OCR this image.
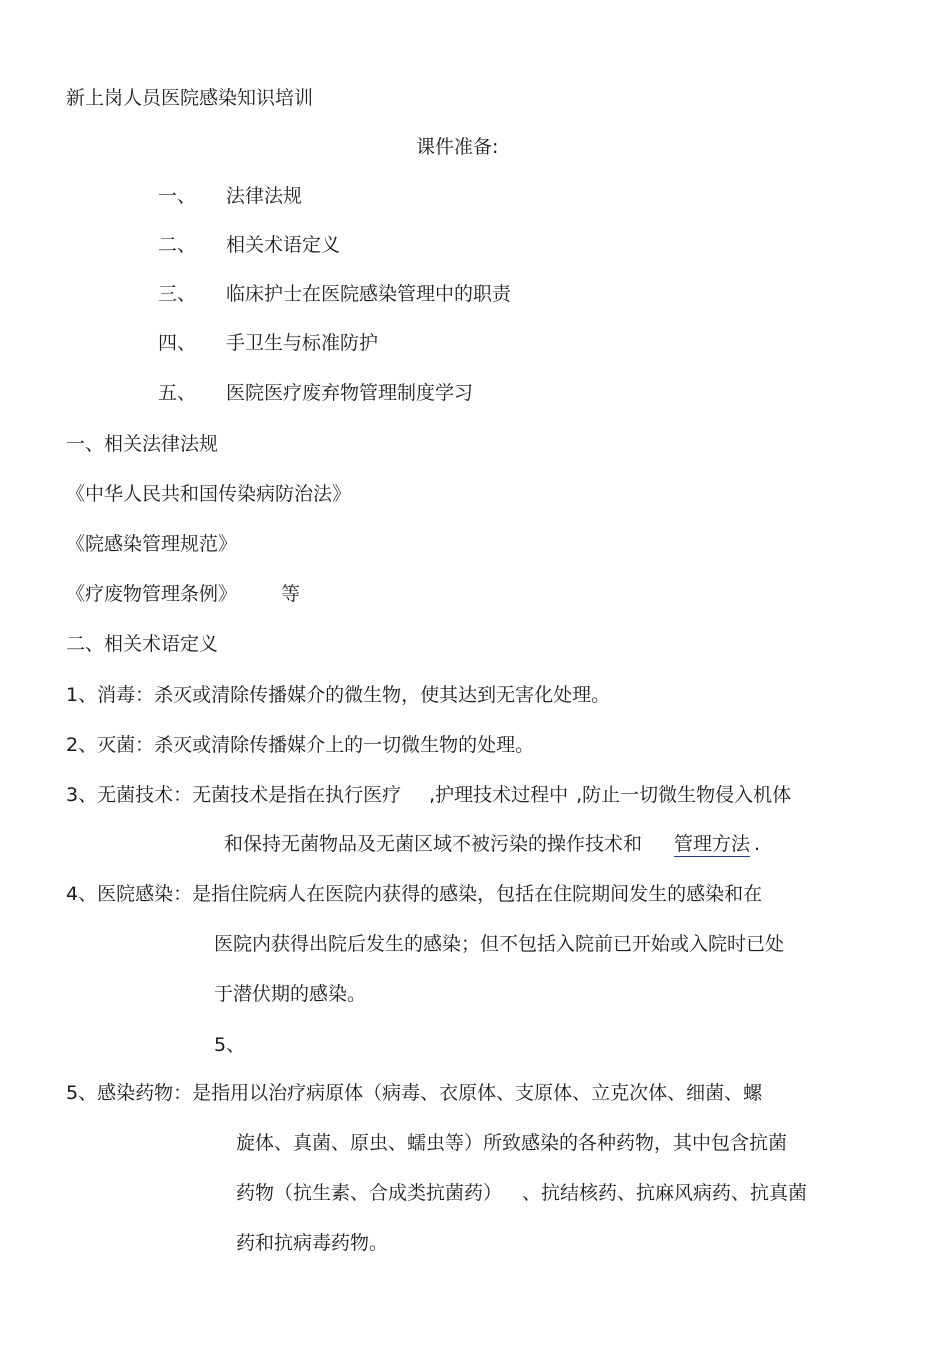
新上岗人员医院感染知识培训
课件准备:
一、 法律法规
二、 相关术语定义
三、 临床护士在医院感染管理中的职责
四、 手卫生与标准防护
五、 医院医疗废弃物管理制度学习
一、相关法律法规
《中华人民共和国传染病防治法》
《院感染管理规范》
《疗废物管理条例》 等
二、相关术语定义
1、消毒：杀灭或清除传播媒介的微生物，使其达到无害化处理。
2、灭菌：杀灭或清除传播媒介上的一切微生物的处理。
3、无菌技术：无菌技术是指在执行医疗 ,护理技术过程中 ,防止一切微生物侵入机体
和保持无菌物品及无菌区域不被污染的操作技术和 管理方法 .
4、医院感染：是指住院病人在医院内获得的感染，包括在住院期间发生的感染和在
医院内获得出院后发生的感染；但不包括入院前已开始或入院时已处
于潜伏期的感染。
5、
5、感染药物：是指用以治疗病原体（病毒、衣原体、支原体、立克次体、细菌、螺
旋体、真菌、原虫、蠕虫等）所致感染的各种药物，其中包含抗菌
药物（抗生素、合成类抗菌药） 、抗结核药、抗麻风病药、抗真菌
药和抗病毒药物。
